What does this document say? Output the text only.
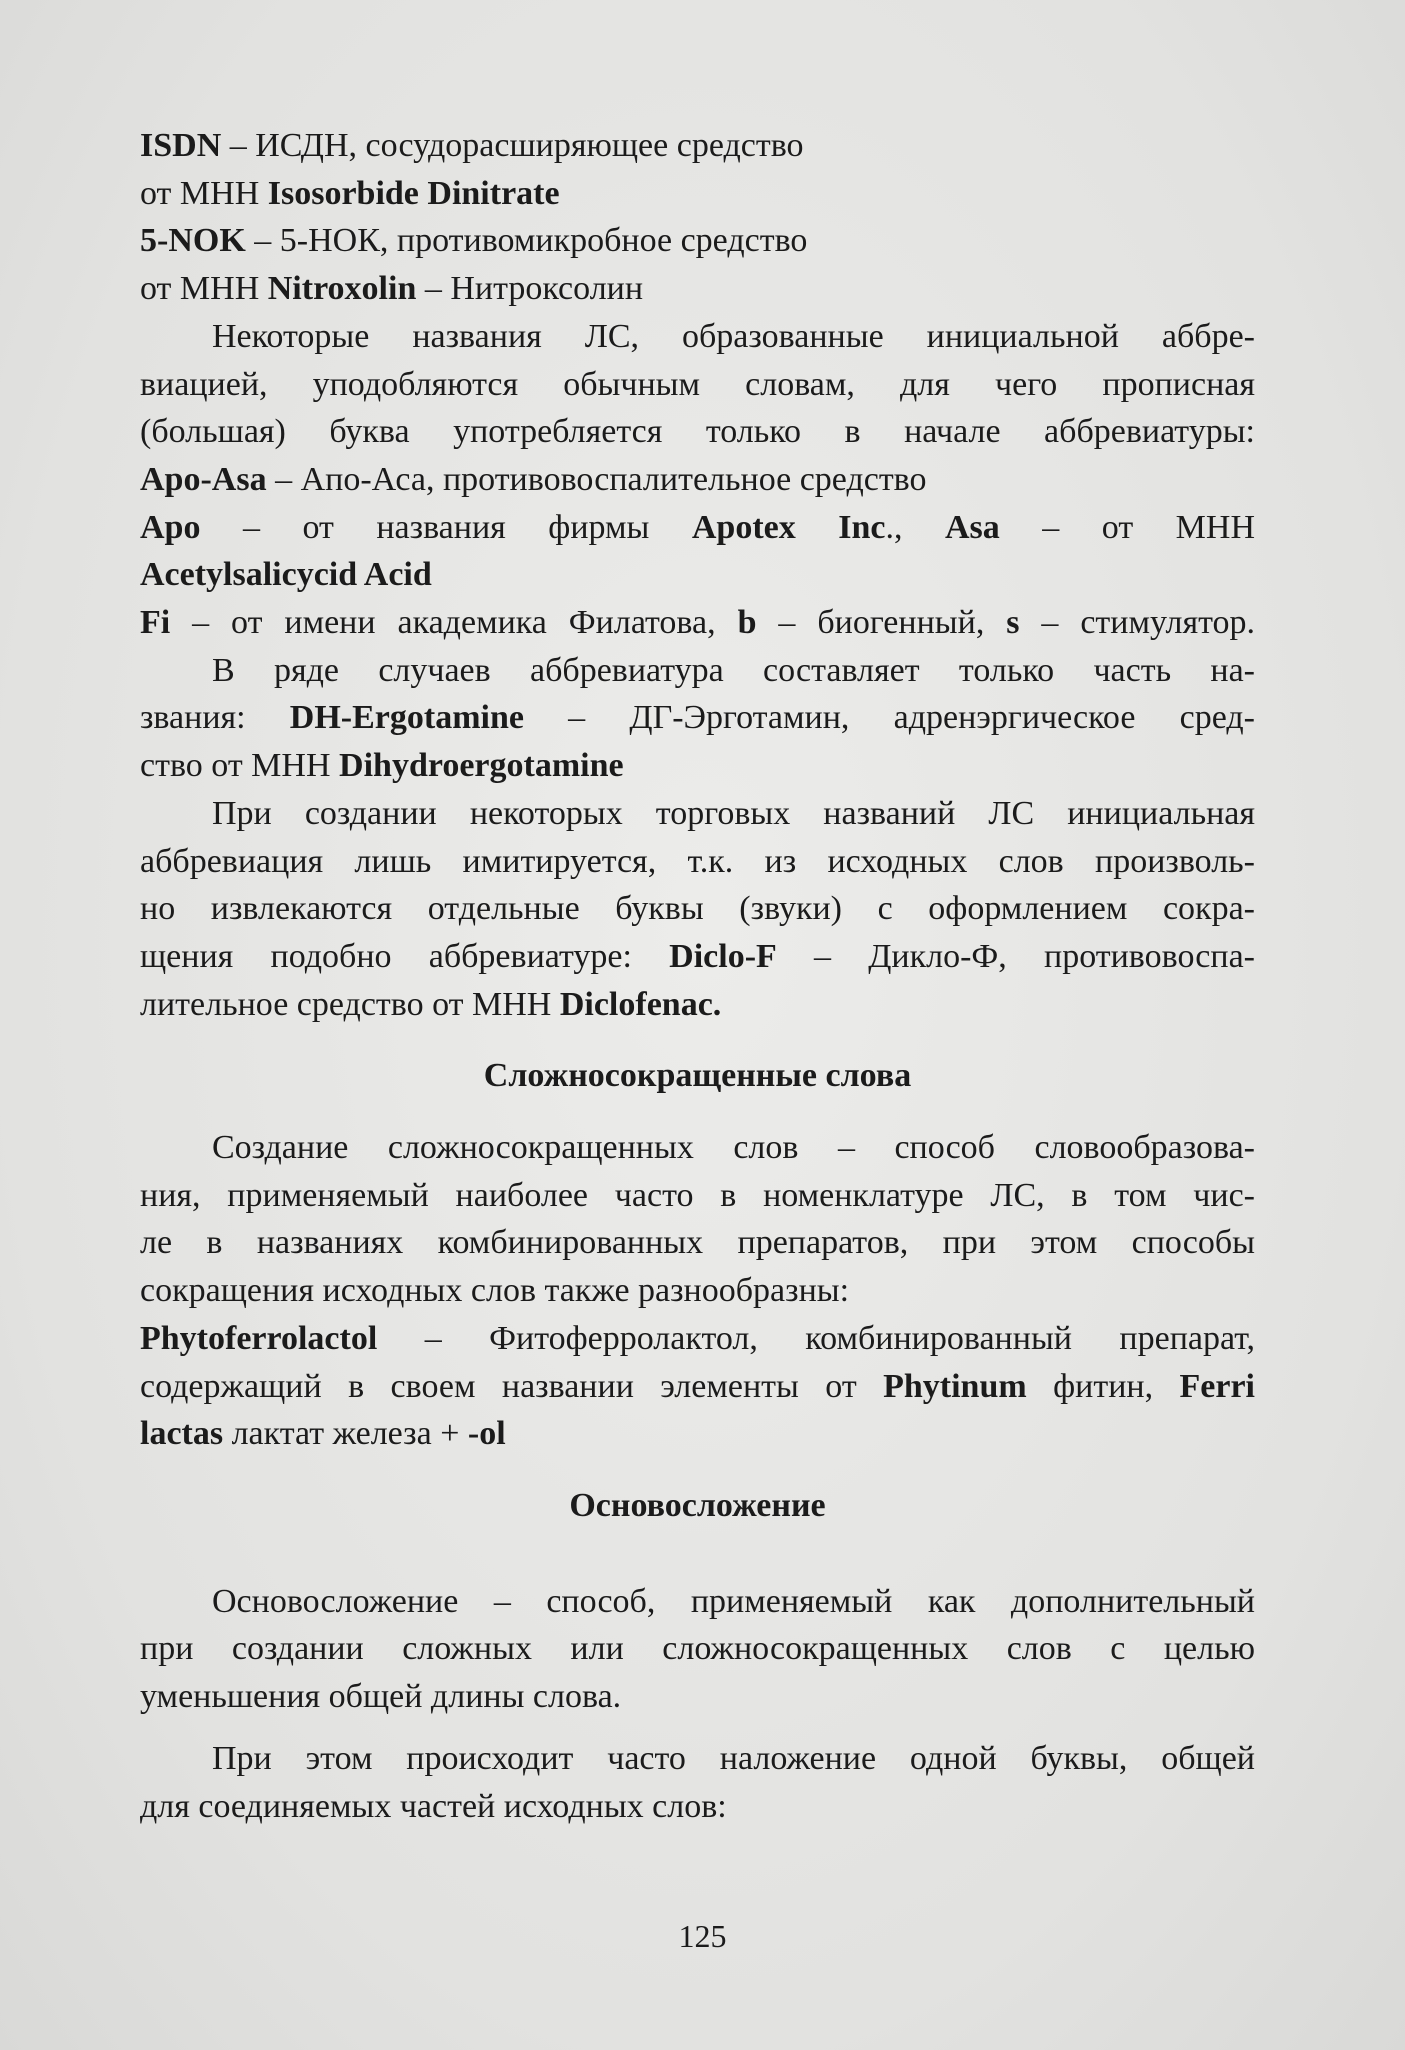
ISDN – ИСДН, сосудорасширяющее средство
от МНН Isosorbide Dinitrate
5-NOK – 5-НОК, противомикробное средство
от МНН Nitroxolin – Нитроксолин
Некоторые названия ЛС, образованные инициальной аббре-
виацией, уподобляются обычным словам, для чего прописная
(большая) буква употребляется только в начале аббревиатуры:
Apo-Asa – Апо-Аса, противовоспалительное средство
Apo – от названия фирмы Apotex Inc., Asa – от МНН
Acetylsalicycid Acid
Fi – от имени академика Филатова, b – биогенный, s – стимулятор.
В ряде случаев аббревиатура составляет только часть на-
звания: DH-Ergotamine – ДГ-Эрготамин, адренэргическое сред-
ство от МНН Dihydroergotamine
При создании некоторых торговых названий ЛС инициальная
аббревиация лишь имитируется, т.к. из исходных слов произволь-
но извлекаются отдельные буквы (звуки) с оформлением сокра-
щения подобно аббревиатуре: Diclo-F – Дикло-Ф, противовоспа-
лительное средство от МНН Diclofenac.
Сложносокращенные слова
Создание сложносокращенных слов – способ словообразова-
ния, применяемый наиболее часто в номенклатуре ЛС, в том чис-
ле в названиях комбинированных препаратов, при этом способы
сокращения исходных слов также разнообразны:
Phytoferrolactol – Фитоферролактол, комбинированный препарат,
содержащий в своем названии элементы от Phytinum фитин, Ferri
lactas лактат железа + -ol
Основосложение
Основосложение – способ, применяемый как дополнительный
при создании сложных или сложносокращенных слов с целью
уменьшения общей длины слова.
При этом происходит часто наложение одной буквы, общей
для соединяемых частей исходных слов:
125
